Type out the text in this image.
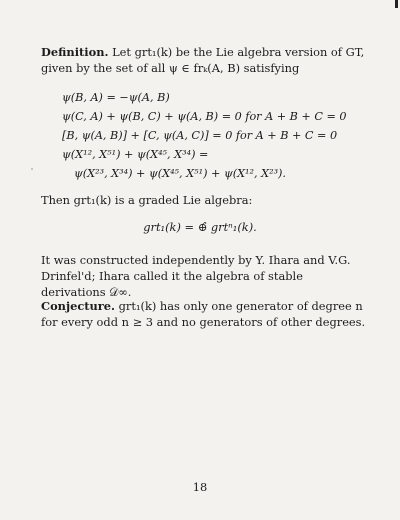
Definition. Let grt₁(k) be the Lie algebra version of GT, given by the set of all ψ ∈ frₖ(A, B) satisfying
ψ(B, A) = −ψ(A, B)
ψ(C, A) + ψ(B, C) + ψ(A, B) = 0 for A + B + C = 0
[B, ψ(A, B)] + [C, ψ(A, C)] = 0 for A + B + C = 0
ψ(X¹², X⁵¹) + ψ(X⁴⁵, X³⁴) =
ψ(X²³, X³⁴) + ψ(X⁴⁵, X⁵¹) + ψ(X¹², X²³).
Then grt₁(k) is a graded Lie algebra:
grt₁(k) = ⊕̂ grtⁿ₁(k).
It was constructed independently by Y. Ihara and V.G. Drinfel'd; Ihara called it the algebra of stable derivations 𝒟∞.
Conjecture. grt₁(k) has only one generator of degree n for every odd n ≥ 3 and no generators of other degrees.
18
